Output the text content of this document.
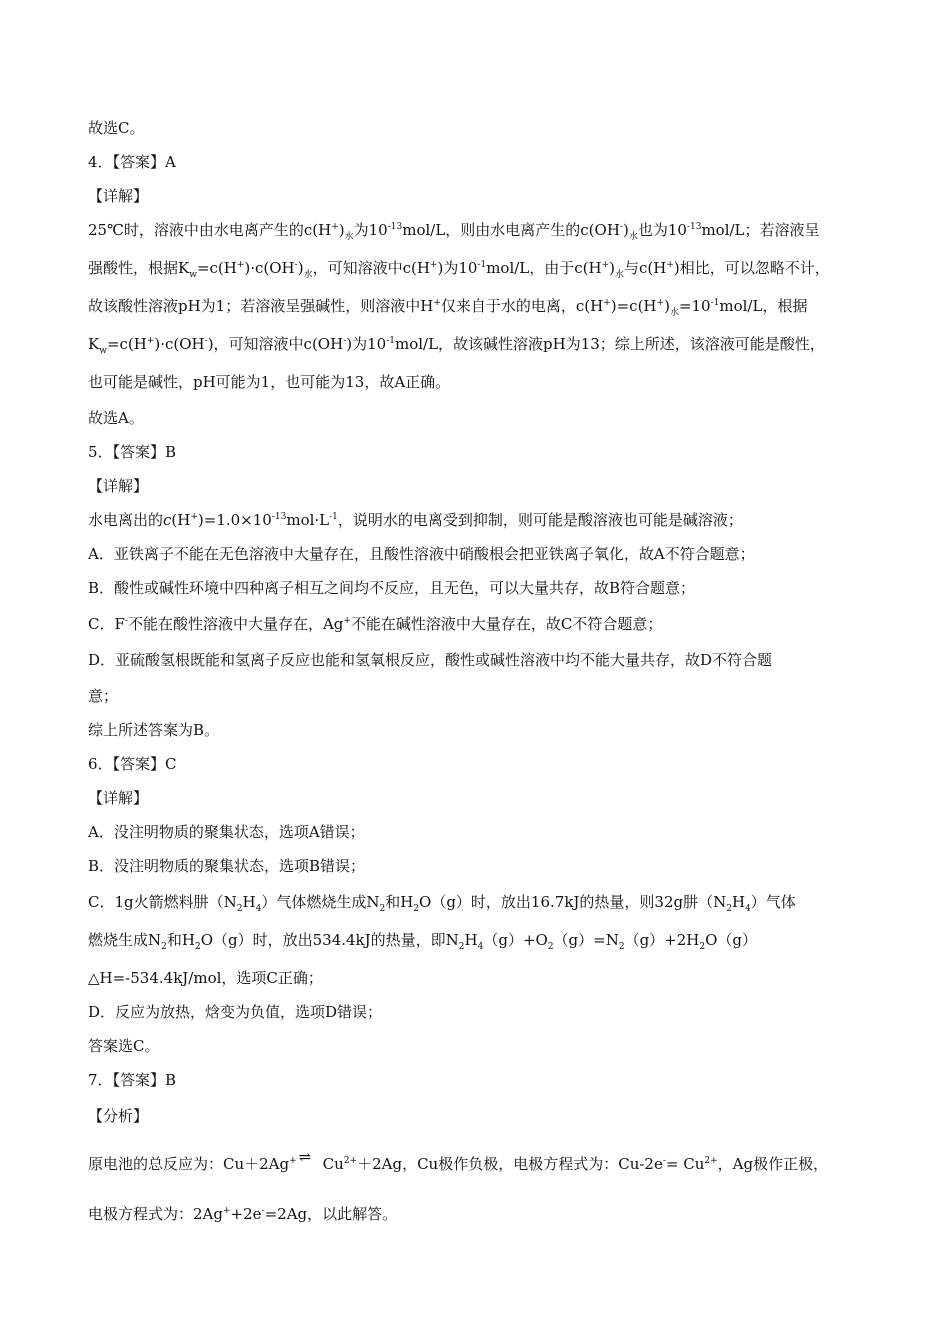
故选C。
4．【答案】A
【详解】
25℃时，溶液中由水电离产生的$c(H^+)_水$为$10^{-13}mol/L$，则由水电离产生的$c(OH^-)_水$也为$10^{-13}mol/L$；若溶液呈
强酸性，根据$K_w=c(H^+)\cdot c(OH^-)_水$，可知溶液中c(H+)为$10^{-1}mol/L$，由于$c(H^+)_水$与c(H+)相比，可以忽略不计，
故该酸性溶液pH为1；若溶液呈强碱性，则溶液中H+仅来自于水的电离，$c(H^+)=c(H^+)_水=10^{-1}mol/L$，根据
$K_w=c(H^+)\cdot c(OH^-)$，可知溶液中c(OH-)为$10^{-1}mol/L$，故该碱性溶液pH为13；综上所述，该溶液可能是酸性，
也可能是碱性，pH可能为1，也可能为13，故A正确。
故选A。
5．【答案】B
【详解】
水电离出的$c(H^+)=1.0\times 10^{-13}mol\cdot L^{-1}$，说明水的电离受到抑制，则可能是酸溶液也可能是碱溶液；
A．亚铁离子不能在无色溶液中大量存在，且酸性溶液中硝酸根会把亚铁离子氧化，故A不符合题意；
B．酸性或碱性环境中四种离子相互之间均不反应，且无色，可以大量共存，故B符合题意；
C．F-不能在酸性溶液中大量存在，Ag+不能在碱性溶液中大量存在，故C不符合题意；
D．亚硫酸氢根既能和氢离子反应也能和氢氧根反应，酸性或碱性溶液中均不能大量共存，故D不符合题
意；
综上所述答案为B。
6．【答案】C
【详解】
A．没注明物质的聚集状态，选项A错误；
B．没注明物质的聚集状态，选项B错误；
C．1g火箭燃料肼$(N_2H_4)$气体燃烧生成$N_2$和$H_2O(g)$时，放出16.7kJ的热量，则32g肼$(N_2H_4)$气体
燃烧生成$N_2$和$H_2O(g)$时，放出534.4kJ的热量，即$N_2H_4(g)+O_2(g)=N_2(g)+2H_2O(g)$
△H=-534.4kJ/mol，选项C正确；
D．反应为放热，焓变为负值，选项D错误；
答案选C。
7．【答案】B
【分析】
原电池的总反应为：Cu＋2Ag+ ⇌ $Cu^{2+}+2Ag$，Cu极作负极，电极方程式为：$Cu-2e^-= Cu^{2+}$，Ag极作正极，
电极方程式为：2Ag++2e-=2Ag，以此解答。
